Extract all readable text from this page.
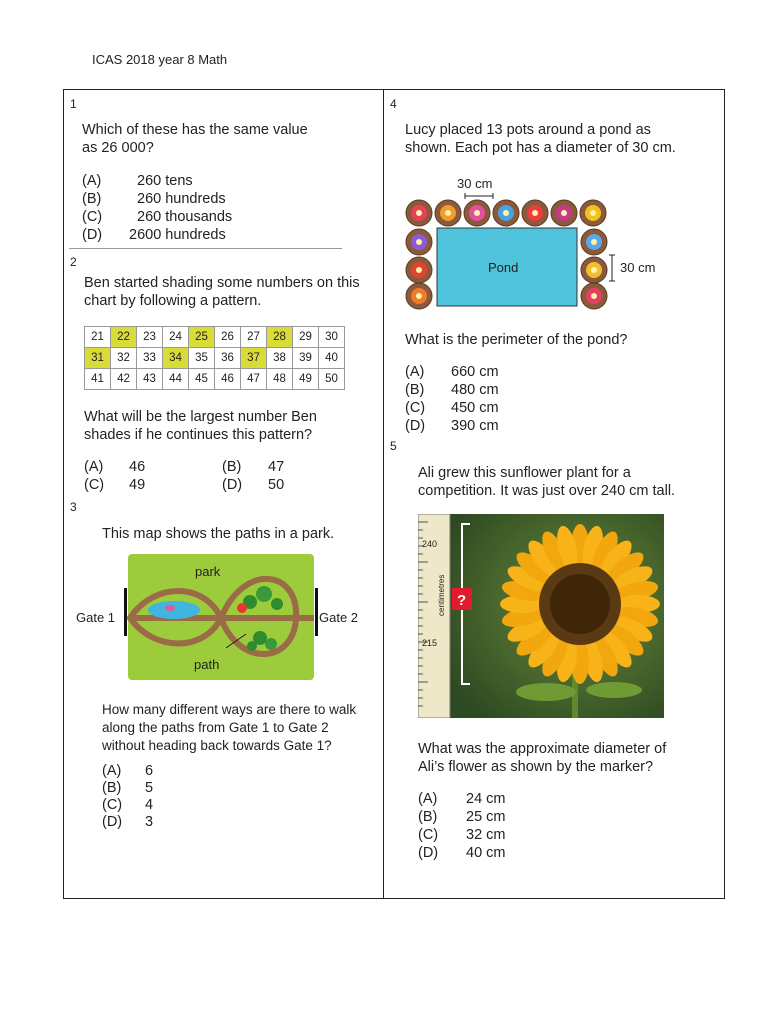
ICAS 2018 year 8 Math
1
Which of these has the same value
as 26 000?
(A) 260 tens
(B) 260 hundreds
(C) 260 thousands
(D) 2600 hundreds
2
Ben started shading some numbers on this
chart by following a pattern.
21	22	23	24	25	26	27	28	29	30
31	32	33	34	35	36	37	38	39	40
41	42	43	44	45	46	47	48	49	50
What will be the largest number Ben
shades if he continues this pattern?
(A) 46	(B) 47
(C) 49	(D) 50
3
This map shows the paths in a park.
park
path
Gate 1	Gate 2
How many different ways are there to walk
along the paths from Gate 1 to Gate 2
without heading back towards Gate 1?
(A) 6
(B) 5
(C) 4
(D) 3
4
Lucy placed 13 pots around a pond as
shown. Each pot has a diameter of 30 cm.
30 cm
Pond	30 cm
What is the perimeter of the pond?
(A) 660 cm
(B) 480 cm
(C) 450 cm
(D) 390 cm
5
Ali grew this sunflower plant for a
competition. It was just over 240 cm tall.
240
215
centimetres ?
What was the approximate diameter of
Ali’s flower as shown by the marker?
(A) 24 cm
(B) 25 cm
(C) 32 cm
(D) 40 cm
